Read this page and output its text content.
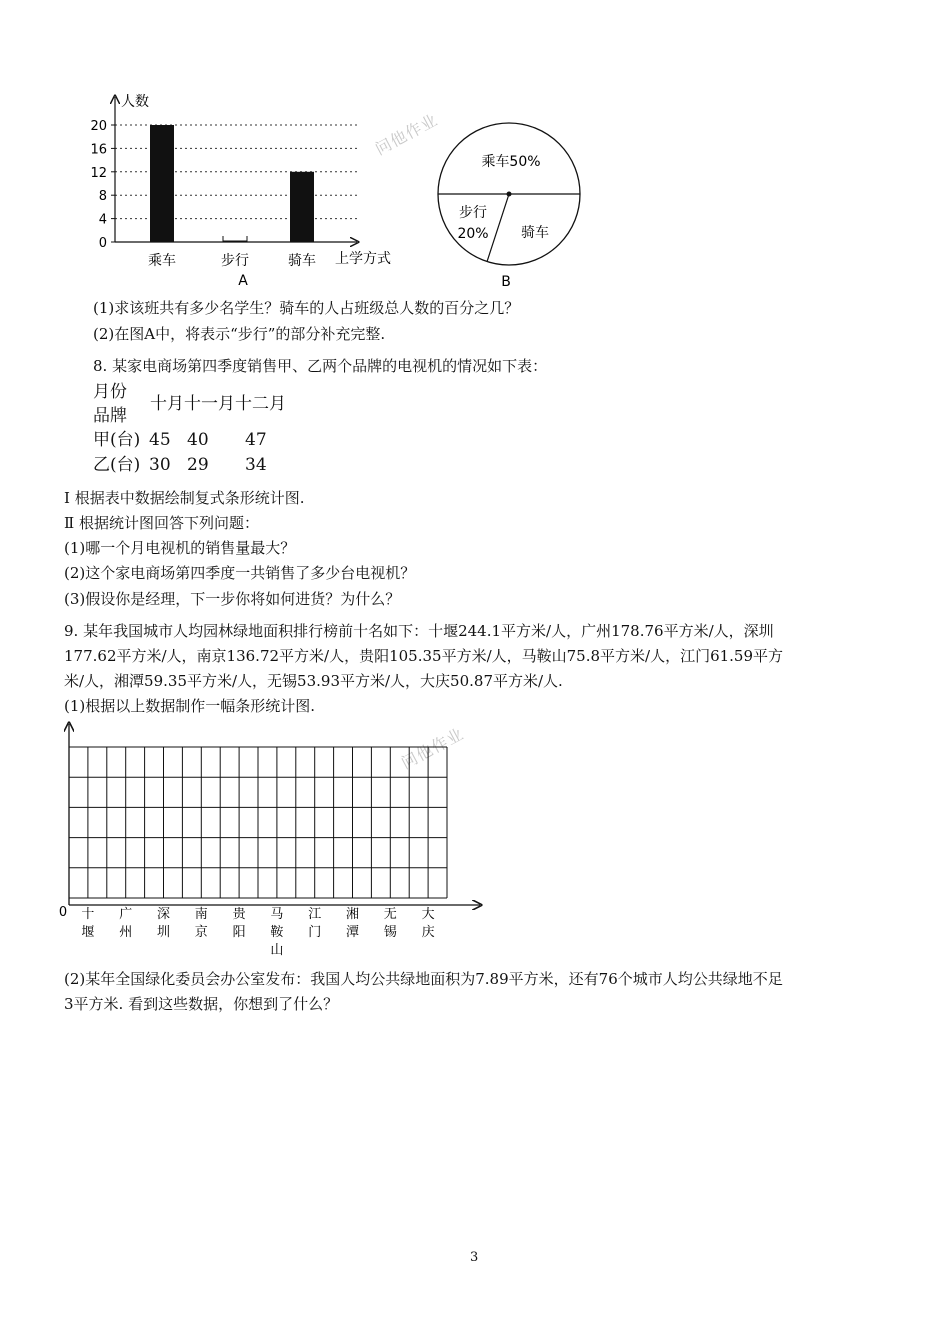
0
4
8
12
16
20
人数
上学方式
乘车	步行	骑车
A
乘车50%
骑车
步行
20%
B
问他作业
问他作业
(1)求该班共有多少名学生？骑车的人占班级总人数的百分之几？
(2)在图A中，将表示“步行”的部分补充完整.
8. 某家电商场第四季度销售甲、乙两个品牌的电视机的情况如下表：
月份
品牌
十月十一月十二月
甲(台) 45 40 47
乙(台) 30 29 34
Ⅰ 根据表中数据绘制复式条形统计图.
Ⅱ 根据统计图回答下列问题：
(1)哪一个月电视机的销售量最大？
(2)这个家电商场第四季度一共销售了多少台电视机？
(3)假设你是经理，下一步你将如何进货？为什么？
9. 某年我国城市人均园林绿地面积排行榜前十名如下：十堰244.1平方米/人，广州178.76平方米/人，深圳
177.62平方米/人，南京136.72平方米/人，贵阳105.35平方米/人，马鞍山75.8平方米/人，江门61.59平方
米/人，湘潭59.35平方米/人，无锡53.93平方米/人，大庆50.87平方米/人.
(1)根据以上数据制作一幅条形统计图.
0 十
堰
广
州
深
圳
南
京
贵
阳
马
鞍
山
江
门
湘
潭
无
锡
大
庆
(2)某年全国绿化委员会办公室发布：我国人均公共绿地面积为7.89平方米，还有76个城市人均公共绿地不足
3平方米. 看到这些数据，你想到了什么？
3
